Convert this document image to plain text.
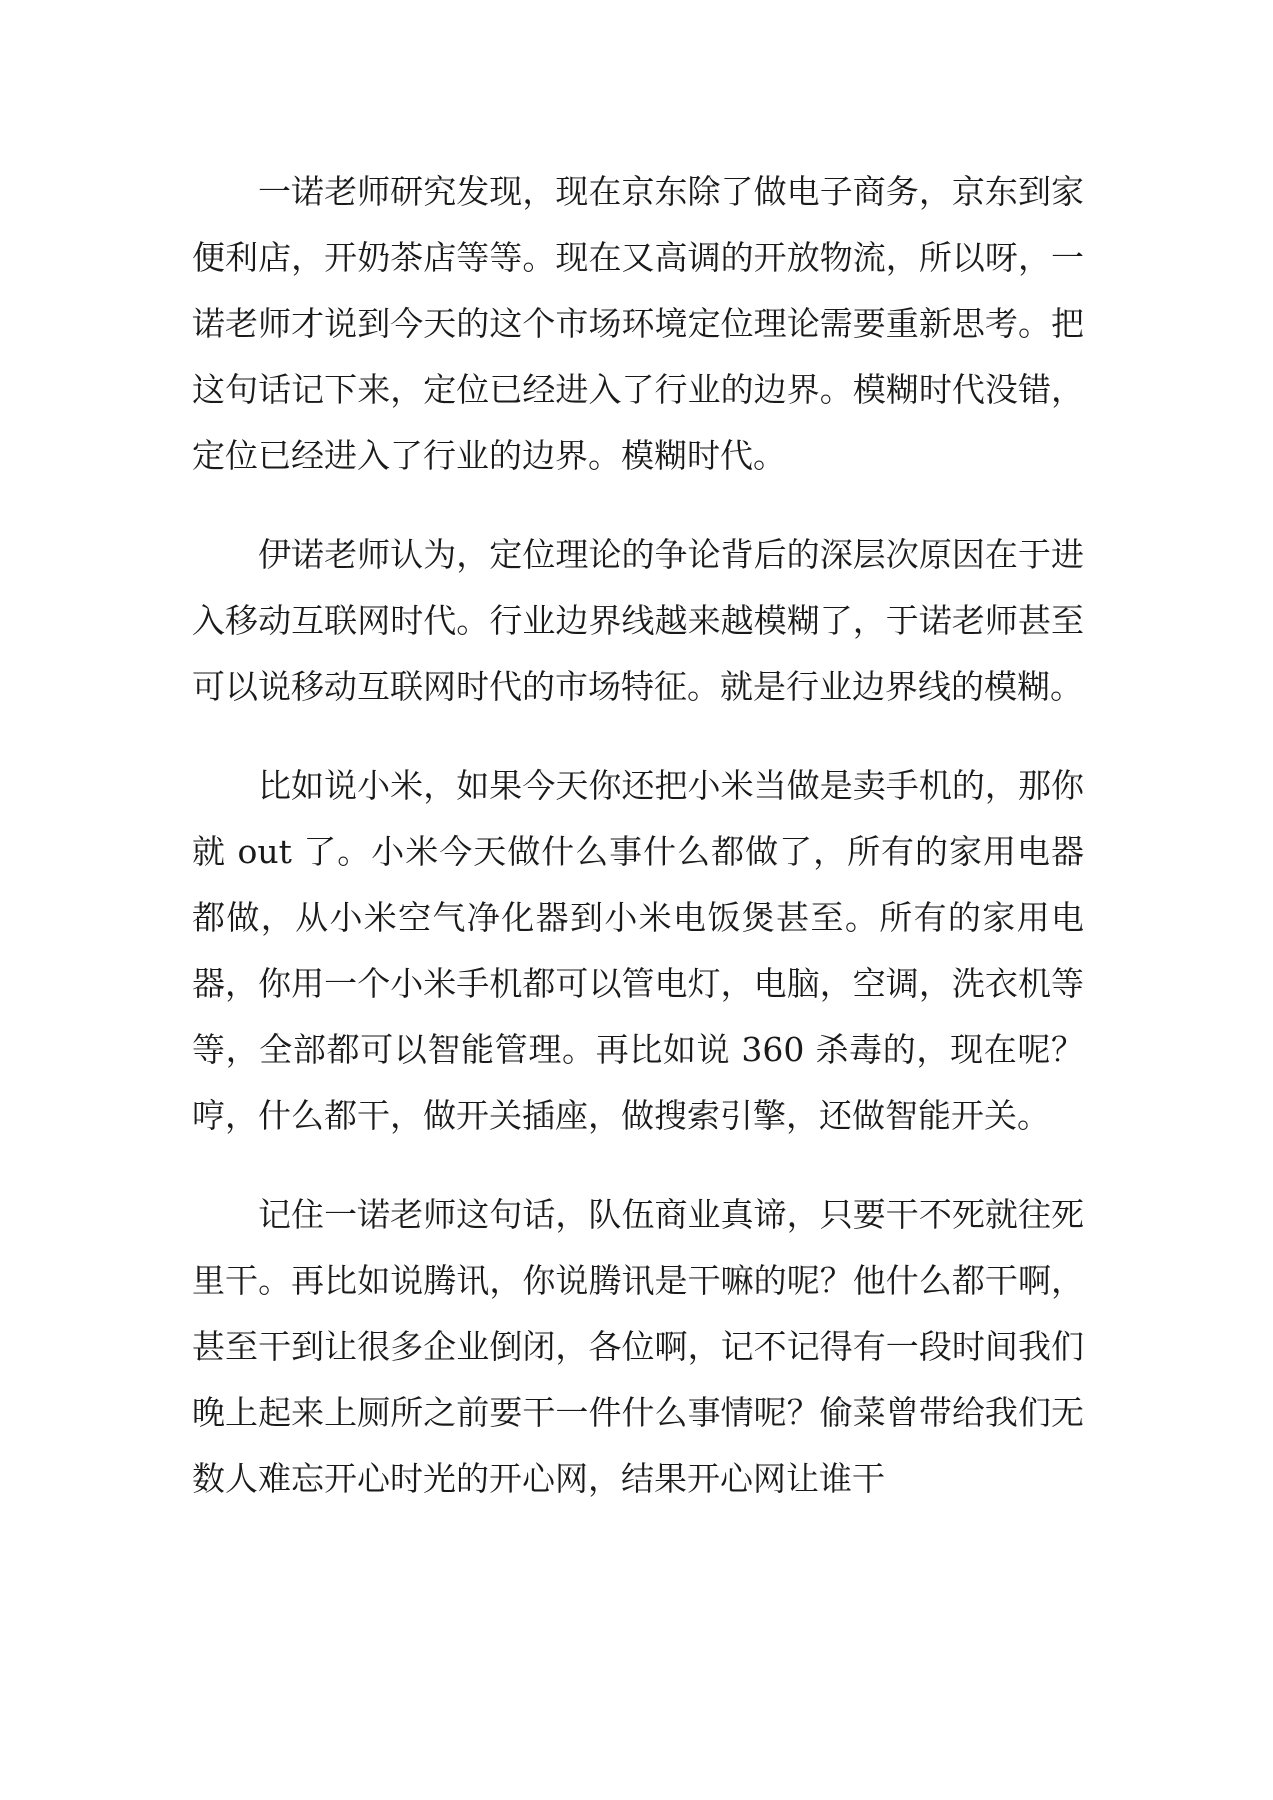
一诺老师研究发现，现在京东除了做电子商务，京东到家便利店，开奶茶店等等。现在又高调的开放物流，所以呀，一诺老师才说到今天的这个市场环境定位理论需要重新思考。把这句话记下来，定位已经进入了行业的边界。模糊时代没错，定位已经进入了行业的边界。模糊时代。

伊诺老师认为，定位理论的争论背后的深层次原因在于进入移动互联网时代。行业边界线越来越模糊了，于诺老师甚至可以说移动互联网时代的市场特征。就是行业边界线的模糊。

比如说小米，如果今天你还把小米当做是卖手机的，那你就 out 了。小米今天做什么事什么都做了，所有的家用电器都做，从小米空气净化器到小米电饭煲甚至。所有的家用电器，你用一个小米手机都可以管电灯，电脑，空调，洗衣机等等，全部都可以智能管理。再比如说 360 杀毒的，现在呢？哼，什么都干，做开关插座，做搜索引擎，还做智能开关。

记住一诺老师这句话，队伍商业真谛，只要干不死就往死里干。再比如说腾讯，你说腾讯是干嘛的呢？他什么都干啊，甚至干到让很多企业倒闭，各位啊，记不记得有一段时间我们晚上起来上厕所之前要干一件什么事情呢？偷菜曾带给我们无数人难忘开心时光的开心网，结果开心网让谁干
